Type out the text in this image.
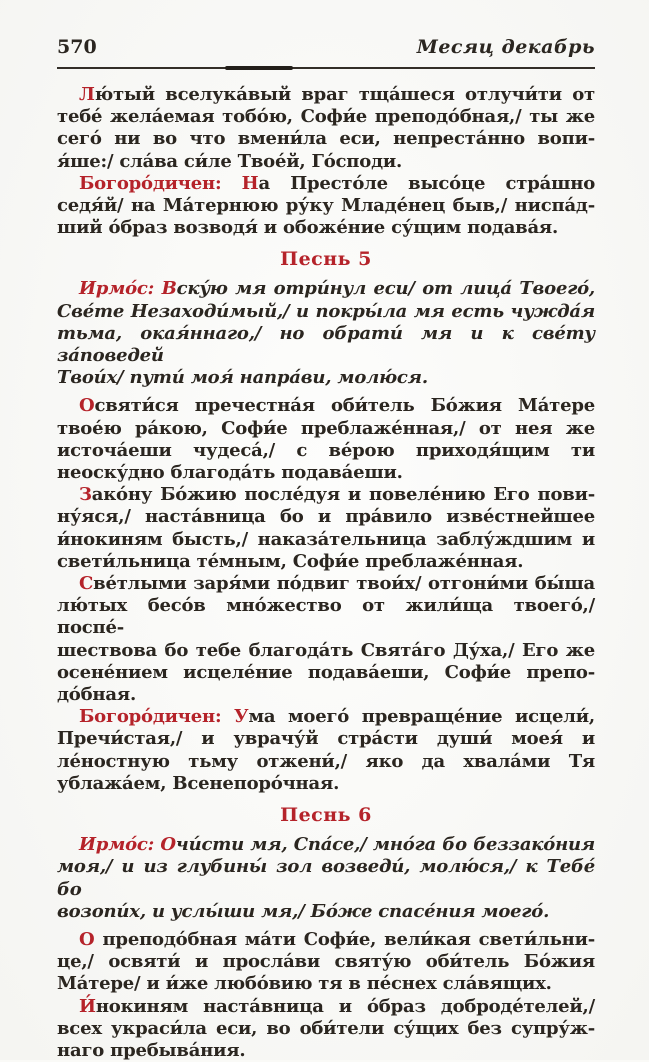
570	Месяц декабрь
Лю́тый вселука́вый враг тща́шеся отлучи́ти от
тебе́ жела́емая тобо́ю, Софи́е преподо́бная,/ ты же
сего́ ни во что вмени́ла еси, непреста́нно вопи-
я́ше:/ сла́ва си́ле Твое́й, Го́споди.
Богоро́дичен: На Престо́ле высо́це стра́шно
седя́й/ на Ма́тернюю ру́ку Младе́нец быв,/ ниспа́д-
ший о́браз возводя́ и обоже́ние су́щим подава́я.
Песнь 5
Ирмо́с: Вску́ю мя отри́нул еси/ от лица́ Твоего́,
Све́те Незаходи́мый,/ и покры́ла мя есть чужда́я
тьма, окая́ннаго,/ но обрати́ мя и к све́ту за́поведей
Твои́х/ пути́ моя́ напра́ви, молю́ся.
Освяти́ся пречестна́я оби́тель Бо́жия Ма́тере
твое́ю ра́кою, Софи́е преблаже́нная,/ от нея же
источа́еши чудеса́,/ с ве́рою приходя́щим ти
неоску́дно благода́ть подава́еши.
Зако́ну Бо́жию после́дуя и повеле́нию Его пови-
ну́яся,/ наста́вница бо и пра́вило изве́стнейшее
и́нокиням бысть,/ наказа́тельница заблу́ждшим и
свети́льница те́мным, Софи́е преблаже́нная.
Све́тлыми заря́ми по́двиг твои́х/ отгони́ми бы́ша
лю́тых бесо́в мно́жество от жили́ща твоего́,/ поспе́-
шествова бо тебе благода́ть Свята́го Ду́ха,/ Его же
осене́нием исцеле́ние подава́еши, Софи́е препо-
до́бная.
Богоро́дичен: Ума моего́ превраще́ние исцели́,
Пречи́стая,/ и уврачу́й стра́сти души́ моея́ и
ле́ностную тьму отжени́,/ яко да хвала́ми Тя
ублажа́ем, Всенепоро́чная.
Песнь 6
Ирмо́с: Очи́сти мя, Спа́се,/ мно́га бо беззако́ния
моя,/ и из глубины́ зол возведи́, молю́ся,/ к Тебе́ бо
возопи́х, и услы́ши мя,/ Бо́же спасе́ния моего́.
О преподо́бная ма́ти Софи́е, вели́кая свети́льни-
це,/ освяти́ и просла́ви святу́ю оби́тель Бо́жия
Ма́тере/ и и́же любо́вию тя в пе́снех сла́вящих.
И́нокиням наста́вница и о́браз доброде́телей,/
всех украси́ла еси, во оби́тели су́щих без супру́ж-
наго пребыва́ния.
